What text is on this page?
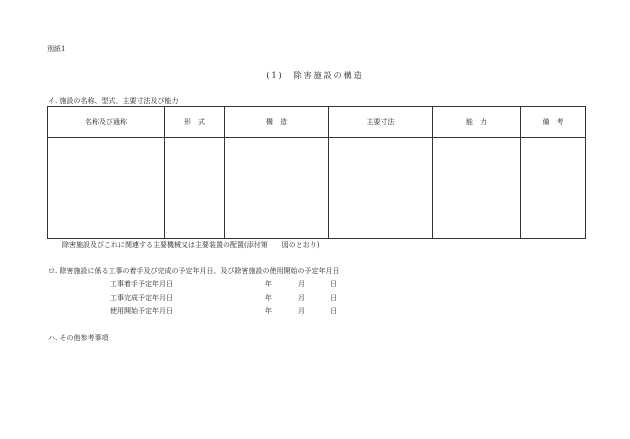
別紙1
(1)　除害施設の構造
イ. 施設の名称、型式、主要寸法及び能力
名称及び通称	形　式	構　造	主要寸法	能　力	備　考

除害施設及びこれに関連する主要機械又は主要装置の配置(添付第　　図のとおり)
ロ. 除害施設に係る工事の着手及び完成の予定年月日、及び除害施設の使用開始の予定年月日
工事着手予定年月日	年	月	日
工事完成予定年月日	年	月	日
使用開始予定年月日	年	月	日
ハ. その他参考事項
